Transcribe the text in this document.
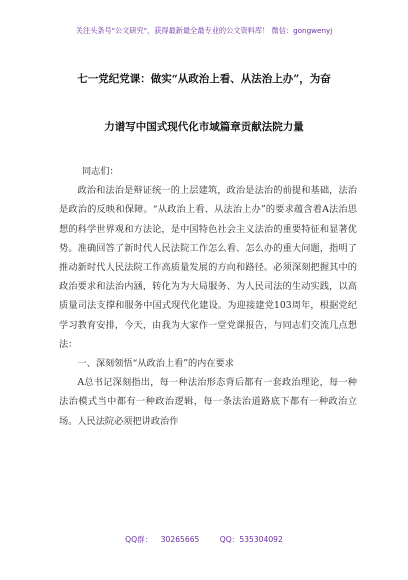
关注头条号"公文研究"，获得最新最全最专业的公文资料库！ 微信：gongwenyj
七一党纪党课：做实“从政治上看、从法治上办”，为奋
力谱写中国式现代化市域篇章贡献法院力量

同志们：

政治和法治是辩证统一的上层建筑，政治是法治的前提和基础，法治是政治的反映和保障。“从政治上看、从法治上办”的要求蕴含着A法治思想的科学世界观和方法论，是中国特色社会主义法治的重要特征和显著优势。准确回答了新时代人民法院工作怎么看、怎么办的重大问题，指明了推动新时代人民法院工作高质量发展的方向和路径。必须深刻把握其中的政治要求和法治内涵，转化为为大局服务、为人民司法的生动实践，以高质量司法支撑和服务中国式现代化建设。为迎接建党103周年，根据党纪学习教育安排，今天，由我为大家作一堂党课报告，与同志们交流几点想法：

一、深刻领悟“从政治上看”的内在要求

A总书记深刻指出，每一种法治形态背后都有一套政治理论，每一种法治模式当中都有一种政治逻辑，每一条法治道路底下都有一种政治立场。人民法院必须把讲政治作

QQ群： 30265665	QQ：535304092
